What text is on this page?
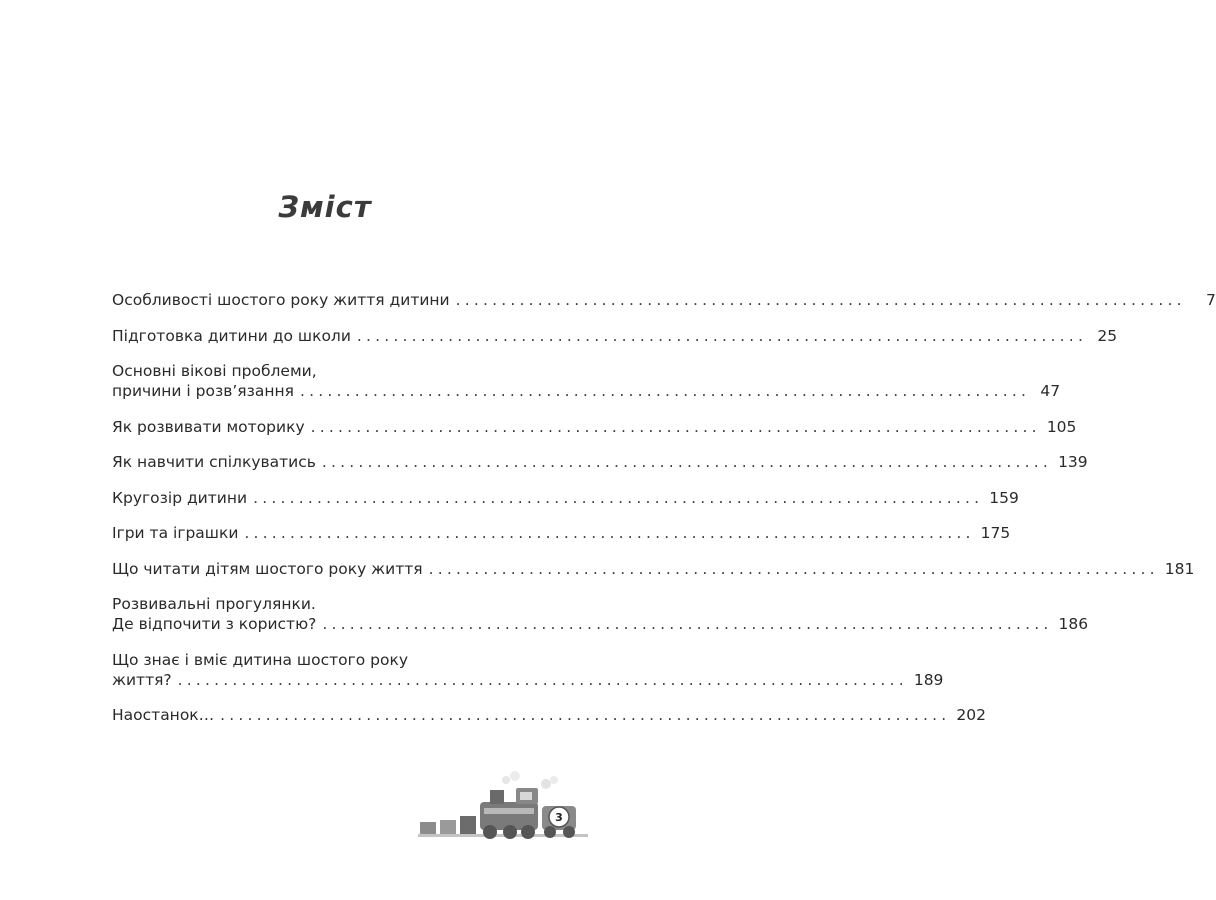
Зміст
Особливості шостого року життя дитини ................................................................................	7
Підготовка дитини до школи ................................................................................ 25
Основні вікові проблеми,
причини і розв’язання ................................................................................ 47
Як розвивати моторику ................................................................................ 105
Як навчити спілкуватись ................................................................................ 139
Кругозір дитини ................................................................................ 159
Ігри та іграшки ................................................................................ 175
Що читати дітям шостого року життя ................................................................................ 181
Розвивальні прогулянки.
Де відпочити з користю? ................................................................................ 186
Що знає і вміє дитина шостого року
життя? ................................................................................ 189
Наостанок… ................................................................................ 202
3
